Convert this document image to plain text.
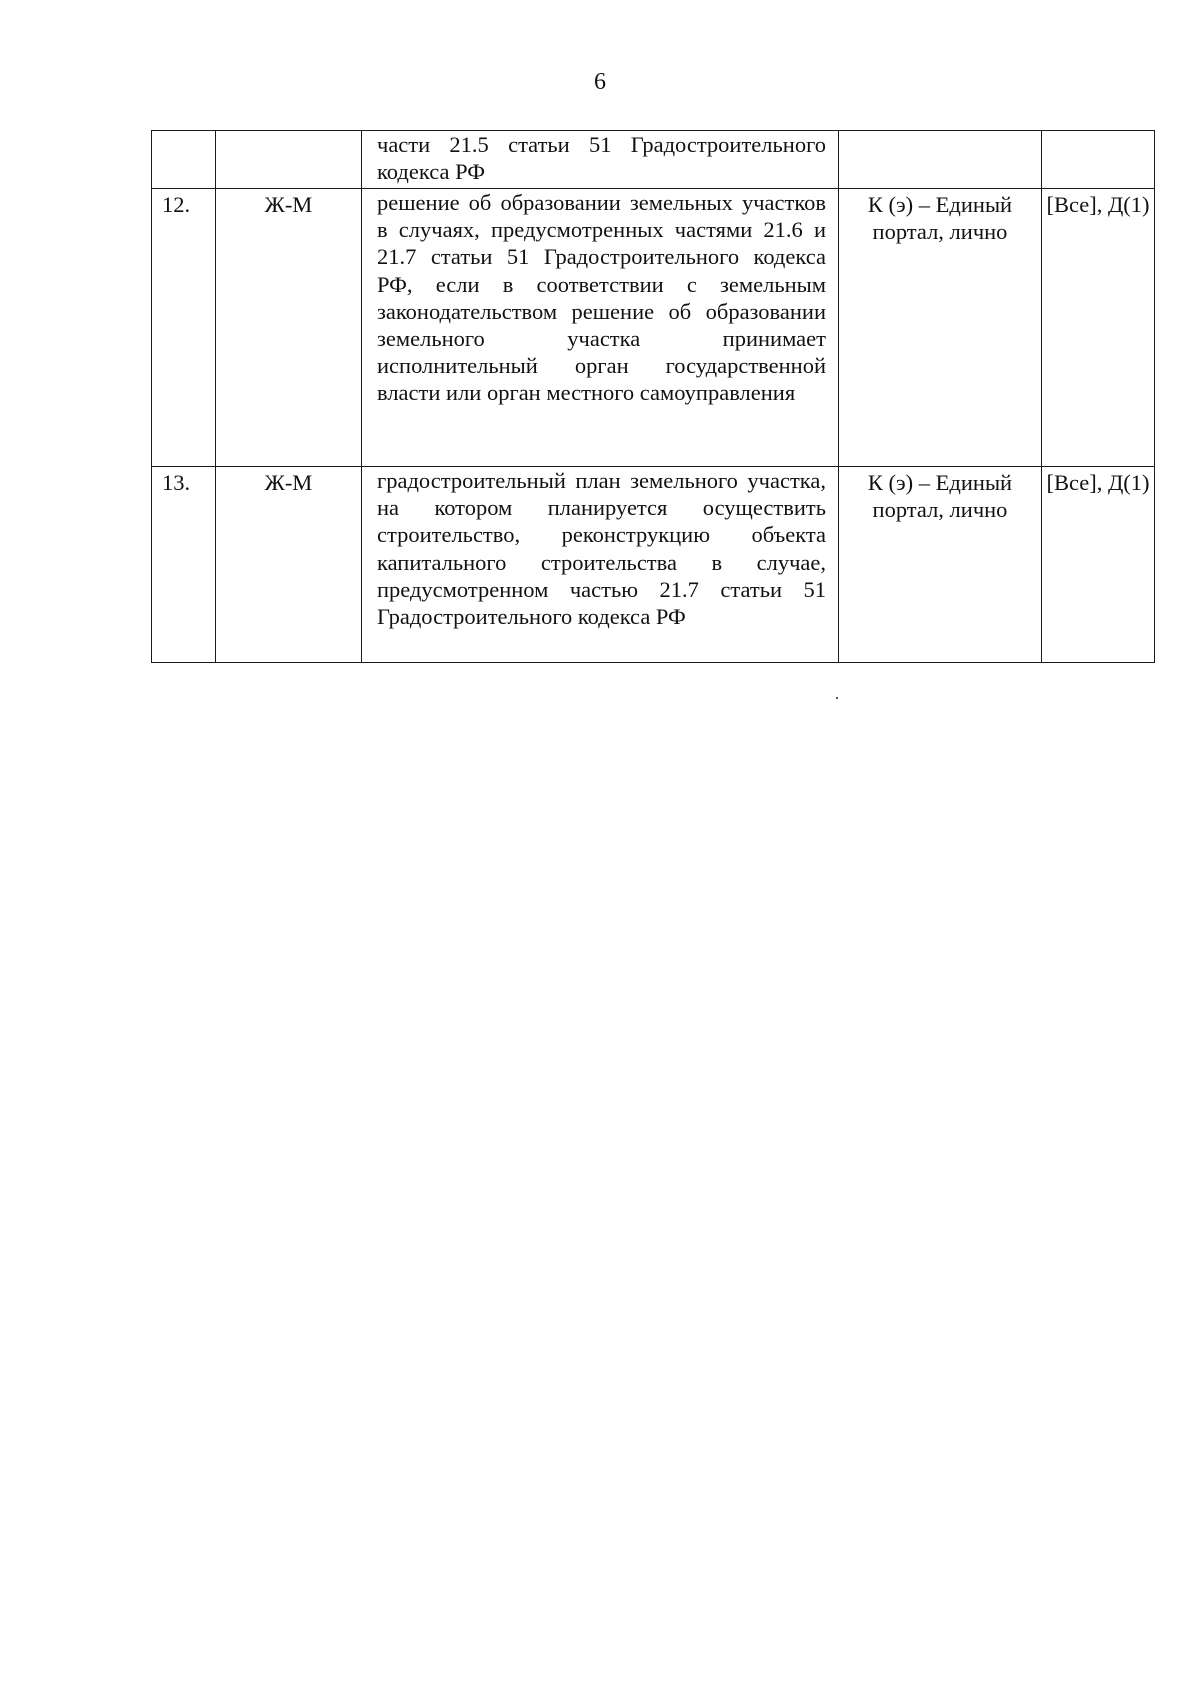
6
		части 21.5 статьи 51 Градостроительного кодекса РФ		
12.	Ж-М	решение об образовании земельных участков в случаях, предусмотренных частями 21.6 и 21.7 статьи 51 Градостроительного кодекса РФ, если в соответствии с земельным законодательством решение об образовании земельного участка принимает исполнительный орган государственной власти или орган местного самоуправления	К (э) – Единый портал, лично	[Все], Д(1)
13.	Ж-М	градостроительный план земельного участка, на котором планируется осуществить строительство, реконструкцию объекта капитального строительства в случае, предусмотренном частью 21.7 статьи 51 Градостроительного кодекса РФ	К (э) – Единый портал, лично	[Все], Д(1)
